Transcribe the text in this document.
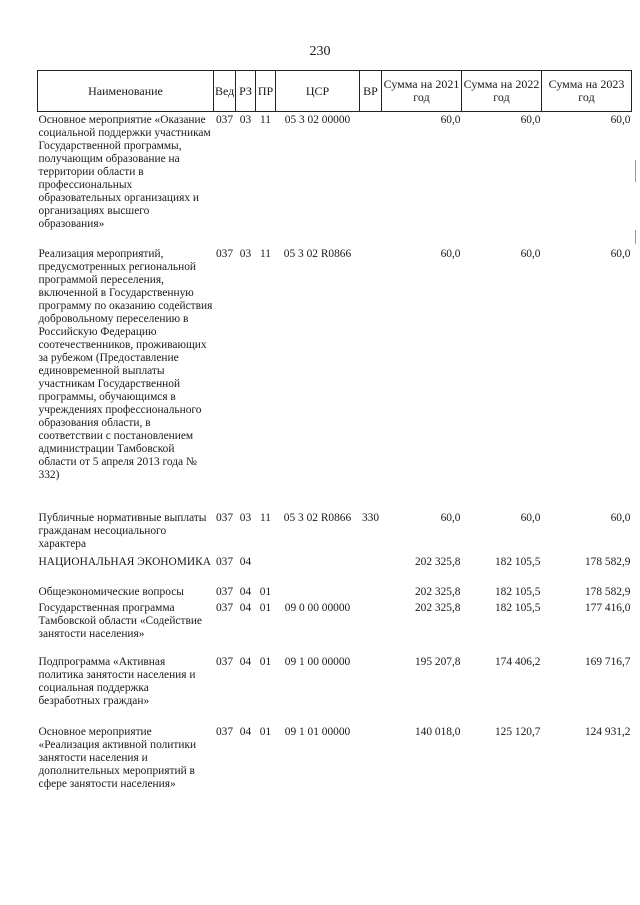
230
Наименование	Вед	РЗ	ПР	ЦСР	ВР	Сумма на 2021 год	Сумма на 2022 год	Сумма на 2023 год
Основное мероприятие «Оказание социальной поддержки участникам Государственной программы, получающим образование на территории области в профессиональных образовательных организациях и организациях высшего образования»	037	03	11	05 3 02 00000		60,0	60,0	60,0
Реализация мероприятий, предусмотренных региональной программой переселения, включенной в Государственную программу по оказанию содействия добровольному переселению в Российскую Федерацию соотечественников, проживающих за рубежом (Предоставление единовременной выплаты участникам Государственной программы, обучающимся в учреждениях профессионального образования области, в соответствии с постановлением администрации Тамбовской области от 5 апреля 2013 года № 332)	037	03	11	05 3 02 R0866		60,0	60,0	60,0
Публичные нормативные выплаты гражданам несоциального характера	037	03	11	05 3 02 R0866	330	60,0	60,0	60,0
НАЦИОНАЛЬНАЯ ЭКОНОМИКА	037	04				202 325,8	182 105,5	178 582,9
Общеэкономические вопросы	037	04	01			202 325,8	182 105,5	178 582,9
Государственная программа Тамбовской области «Содействие занятости населения»	037	04	01	09 0 00 00000		202 325,8	182 105,5	177 416,0
Подпрограмма «Активная политика занятости населения и социальная поддержка безработных граждан»	037	04	01	09 1 00 00000		195 207,8	174 406,2	169 716,7
Основное мероприятие «Реализация активной политики занятости населения и дополнительных мероприятий в сфере занятости населения»	037	04	01	09 1 01 00000		140 018,0	125 120,7	124 931,2
